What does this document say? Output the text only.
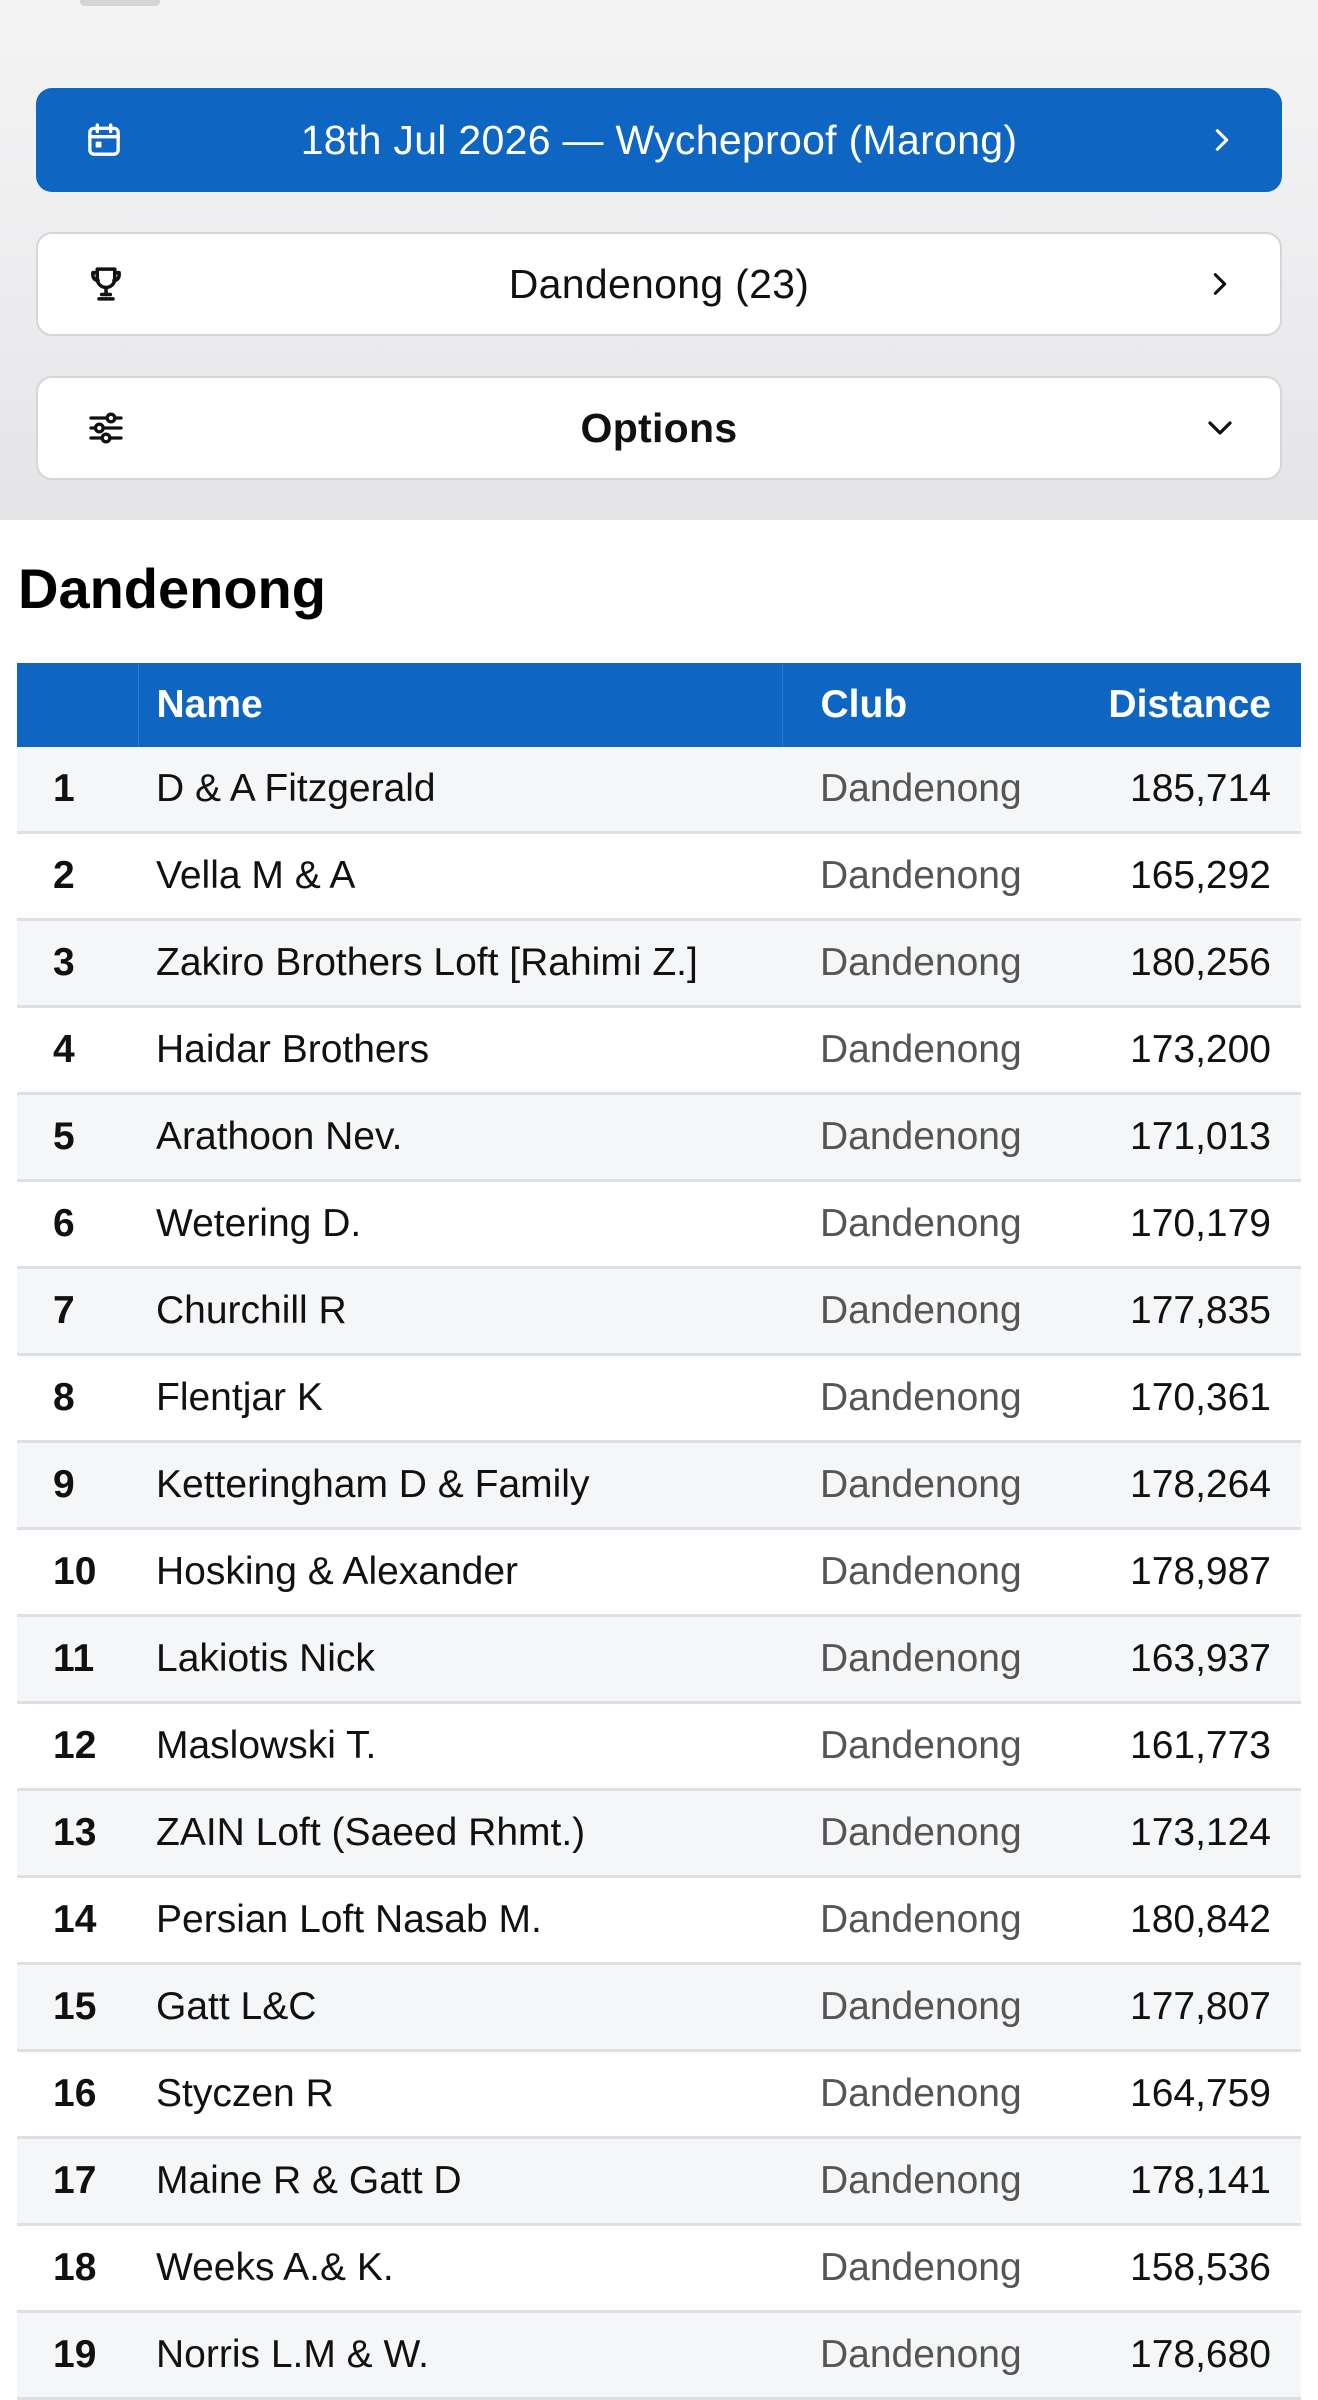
18th Jul 2026 — Wycheproof (Marong)
Dandenong (23)
Options
Dandenong
	Name	Club	Distance
1	D & A Fitzgerald	Dandenong	185,714
2	Vella M & A	Dandenong	165,292
3	Zakiro Brothers Loft [Rahimi Z.]	Dandenong	180,256
4	Haidar Brothers	Dandenong	173,200
5	Arathoon Nev.	Dandenong	171,013
6	Wetering D.	Dandenong	170,179
7	Churchill R	Dandenong	177,835
8	Flentjar K	Dandenong	170,361
9	Ketteringham D & Family	Dandenong	178,264
10	Hosking & Alexander	Dandenong	178,987
11	Lakiotis Nick	Dandenong	163,937
12	Maslowski T.	Dandenong	161,773
13	ZAIN Loft (Saeed Rhmt.)	Dandenong	173,124
14	Persian Loft Nasab M.	Dandenong	180,842
15	Gatt L&C	Dandenong	177,807
16	Styczen R	Dandenong	164,759
17	Maine R & Gatt D	Dandenong	178,141
18	Weeks A.& K.	Dandenong	158,536
19	Norris L.M & W.	Dandenong	178,680
